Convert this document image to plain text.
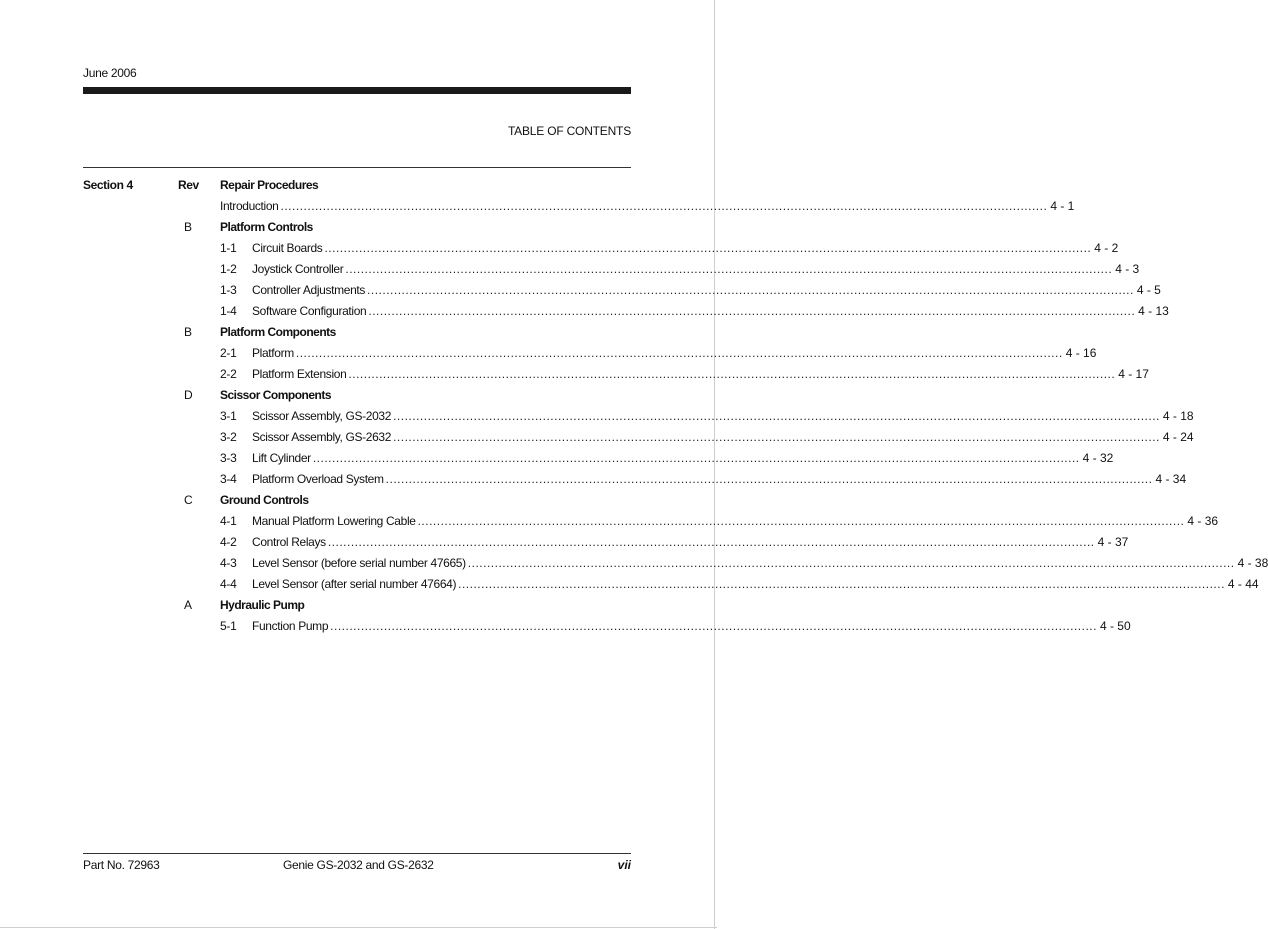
June 2006
TABLE OF CONTENTS
Section 4	Rev Repair Procedures
Introduction ........................................................................................................................................................................................................ 4 - 1
B Platform Controls
1-1	Circuit Boards ........................................................................................................................................................................................................ 4 - 2
1-2	Joystick Controller ........................................................................................................................................................................................................ 4 - 3
1-3	Controller Adjustments ........................................................................................................................................................................................................ 4 - 5
1-4	Software Configuration ........................................................................................................................................................................................................ 4 - 13
B Platform Components
2-1	Platform ........................................................................................................................................................................................................ 4 - 16
2-2	Platform Extension ........................................................................................................................................................................................................ 4 - 17
D Scissor Components
3-1	Scissor Assembly, GS-2032 ........................................................................................................................................................................................................ 4 - 18
3-2	Scissor Assembly, GS-2632 ........................................................................................................................................................................................................ 4 - 24
3-3	Lift Cylinder ........................................................................................................................................................................................................ 4 - 32
3-4	Platform Overload System ........................................................................................................................................................................................................ 4 - 34
C Ground Controls
4-1	Manual Platform Lowering Cable ........................................................................................................................................................................................................ 4 - 36
4-2	Control Relays ........................................................................................................................................................................................................ 4 - 37
4-3	Level Sensor (before serial number 47665) ........................................................................................................................................................................................................ 4 - 38
4-4	Level Sensor (after serial number 47664) ........................................................................................................................................................................................................ 4 - 44
A Hydraulic Pump
5-1	Function Pump ........................................................................................................................................................................................................ 4 - 50
Part No. 72963	Genie GS-2032 and GS-2632	vii
